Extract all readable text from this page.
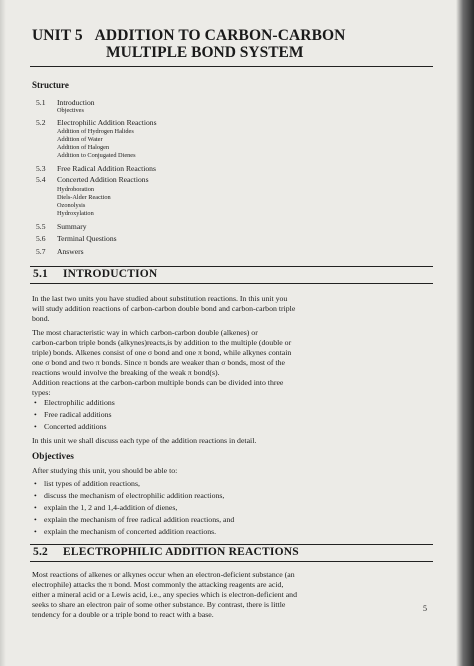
UNIT 5 ADDITION TO CARBON-CARBON
MULTIPLE BOND SYSTEM
Structure
5.1 Introduction
Objectives
5.2 Electrophilic Addition Reactions
Addition of Hydrogen Halides
Addition of Water
Addition of Halogen
Addition to Conjugated Dienes
5.3 Free Radical Addition Reactions
5.4 Concerted Addition Reactions
Hydroboration
Diels-Alder Reaction
Ozonolysis
Hydroxylation
5.5 Summary
5.6 Terminal Questions
5.7 Answers
5.1 INTRODUCTION
In the last two units you have studied about substitution reactions. In this unit you
will study addition reactions of carbon-carbon double bond and carbon-carbon triple
bond.
The most characteristic way in which carbon-carbon double (alkenes) or
carbon-carbon triple bonds (alkynes)reacts,is by addition to the multiple (double or
triple) bonds. Alkenes consist of one σ bond and one π bond, while alkynes contain
one σ bond and two π bonds. Since π bonds are weaker than σ bonds, most of the
reactions would involve the breaking of the weak π bond(s).
Addition reactions at the carbon-carbon multiple bonds can be divided into three
types:
• Electrophilic additions
• Free radical additions
• Concerted additions
In this unit we shall discuss each type of the addition reactions in detail.
Objectives
After studying this unit, you should be able to:
• list types of addition reactions,
• discuss the mechanism of electrophilic addition reactions,
• explain the 1, 2 and 1,4-addition of dienes,
• explain the mechanism of free radical addition reactions, and
• explain the mechanism of concerted addition reactions.
5.2 ELECTROPHILIC ADDITION REACTIONS
Most reactions of alkenes or alkynes occur when an electron-deficient substance (an
electrophile) attacks the π bond. Most commonly the attacking reagents are acid,
either a mineral acid or a Lewis acid, i.e., any species which is electron-deficient and
seeks to share an electron pair of some other substance. By contrast, there is little
tendency for a double or a triple bond to react with a base.
5
